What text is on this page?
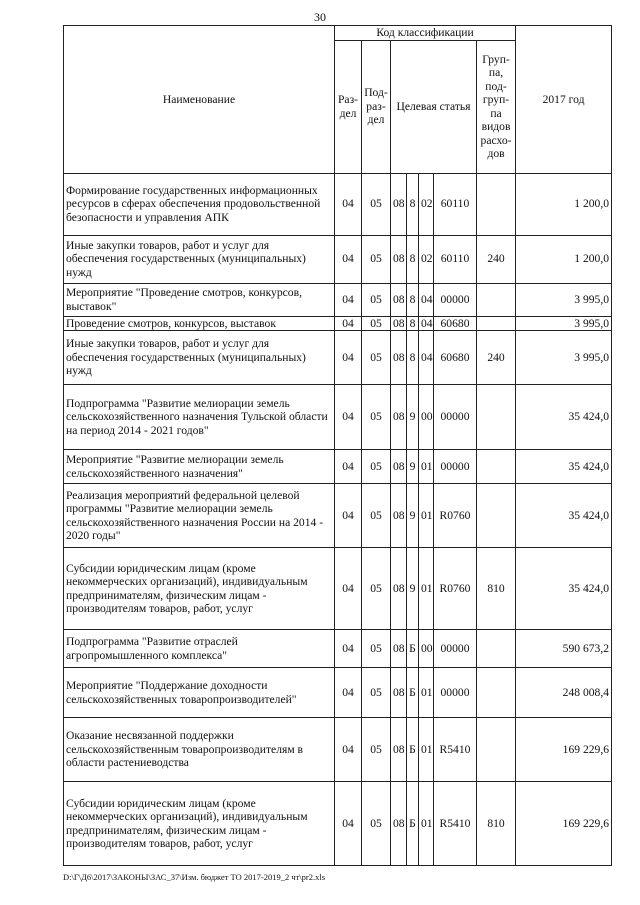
30
Наименование	Код классификации							2017 год
	Раз-дел	Под-раз-дел	Целевая статья				Груп-па, под-груп-па видов расхо-дов	
Формирование государственных информационных ресурсов в сферах обеспечения продовольственной безопасности и управления АПК	04	05	08	8	02	60110		1 200,0
Иные закупки товаров, работ и услуг для обеспечения государственных (муниципальных) нужд	04	05	08	8	02	60110	240	1 200,0
Мероприятие "Проведение смотров, конкурсов, выставок"	04	05	08	8	04	00000		3 995,0
Проведение смотров, конкурсов, выставок	04	05	08	8	04	60680		3 995,0
Иные закупки товаров, работ и услуг для обеспечения государственных (муниципальных) нужд	04	05	08	8	04	60680	240	3 995,0
Подпрограмма "Развитие мелиорации земель сельскохозяйственного назначения Тульской области на период 2014 - 2021 годов"	04	05	08	9	00	00000		35 424,0
Мероприятие "Развитие мелиорации земель сельскохозяйственного назначения"	04	05	08	9	01	00000		35 424,0
Реализация мероприятий федеральной целевой программы "Развитие мелиорации земель сельскохозяйственного назначения России на 2014 - 2020 годы"	04	05	08	9	01	R0760		35 424,0
Субсидии юридическим лицам (кроме некоммерческих организаций), индивидуальным предпринимателям, физическим лицам - производителям товаров, работ, услуг	04	05	08	9	01	R0760	810	35 424,0
Подпрограмма "Развитие отраслей агропромышленного комплекса"	04	05	08	Б	00	00000		590 673,2
Мероприятие "Поддержание доходности сельскохозяйственных товаропроизводителей"	04	05	08	Б	01	00000		248 008,4
Оказание несвязанной поддержки сельскохозяйственным товаропроизводителям в области растениеводства	04	05	08	Б	01	R5410		169 229,6
Субсидии юридическим лицам (кроме некоммерческих организаций), индивидуальным предпринимателям, физическим лицам - производителям товаров, работ, услуг	04	05	08	Б	01	R5410	810	169 229,6
D:\Г\Д6\2017\ЗАКОНЫ\ЗАС_37\Изм. бюджет ТО 2017-2019_2 чт\pr2.xls
